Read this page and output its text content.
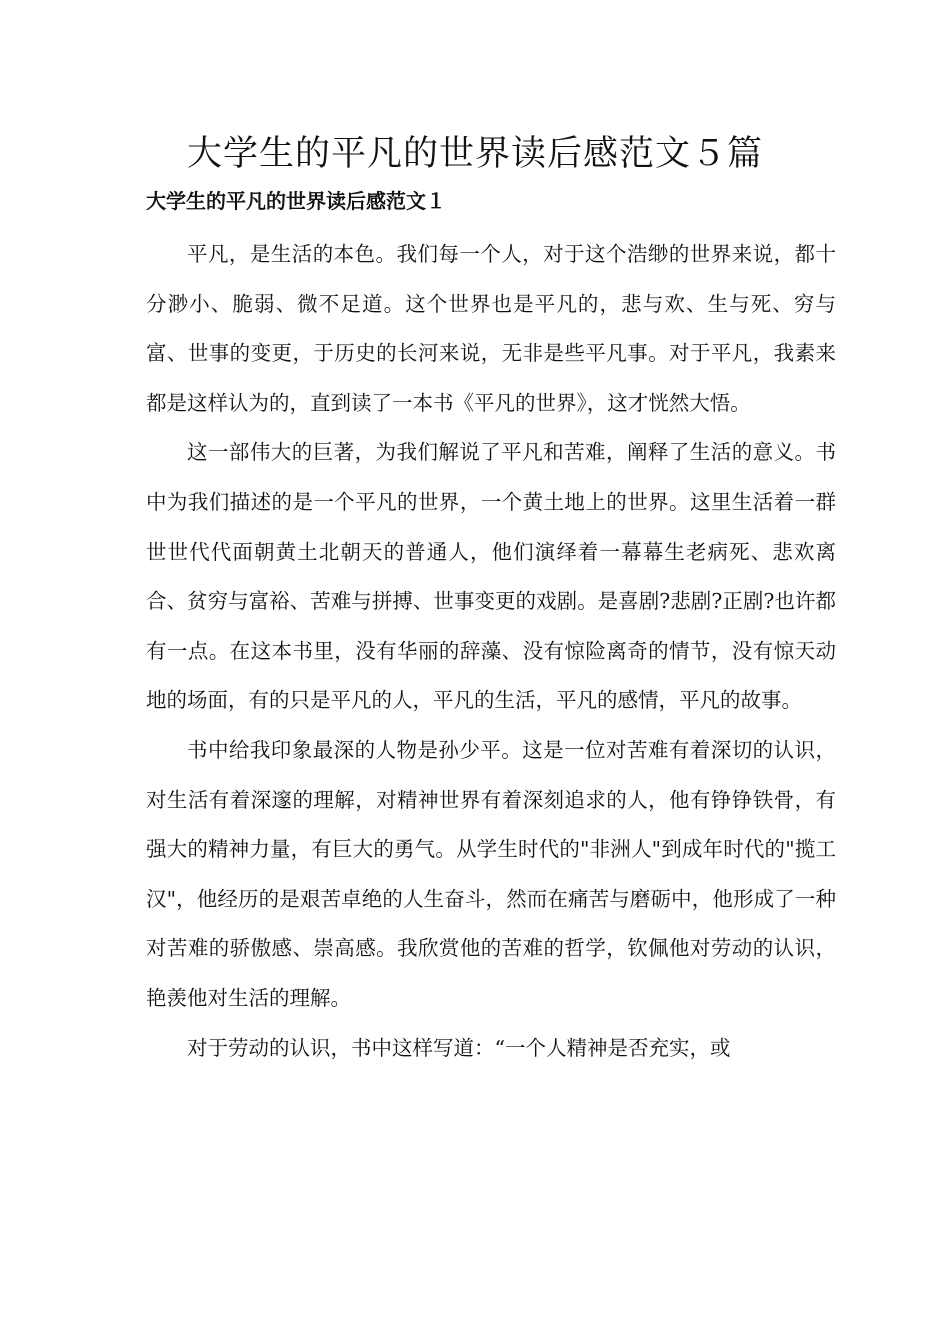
大学生的平凡的世界读后感范文５篇
大学生的平凡的世界读后感范文１

平凡，是生活的本色。我们每一个人，对于这个浩缈的世界来说，都十分渺小、脆弱、微不足道。这个世界也是平凡的，悲与欢、生与死、穷与富、世事的变更，于历史的长河来说，无非是些平凡事。对于平凡，我素来都是这样认为的，直到读了一本书《平凡的世界》，这才恍然大悟。

这一部伟大的巨著，为我们解说了平凡和苦难，阐释了生活的意义。书中为我们描述的是一个平凡的世界，一个黄土地上的世界。这里生活着一群世世代代面朝黄土北朝天的普通人，他们演绎着一幕幕生老病死、悲欢离合、贫穷与富裕、苦难与拼搏、世事变更的戏剧。是喜剧?悲剧?正剧?也许都有一点。在这本书里，没有华丽的辞藻、没有惊险离奇的情节，没有惊天动地的场面，有的只是平凡的人，平凡的生活，平凡的感情，平凡的故事。

书中给我印象最深的人物是孙少平。这是一位对苦难有着深切的认识，对生活有着深邃的理解，对精神世界有着深刻追求的人，他有铮铮铁骨，有强大的精神力量，有巨大的勇气。从学生时代的"非洲人"到成年时代的"揽工汉"，他经历的是艰苦卓绝的人生奋斗，然而在痛苦与磨砺中，他形成了一种对苦难的骄傲感、崇高感。我欣赏他的苦难的哲学，钦佩他对劳动的认识，艳羡他对生活的理解。

对于劳动的认识，书中这样写道：“一个人精神是否充实，或
